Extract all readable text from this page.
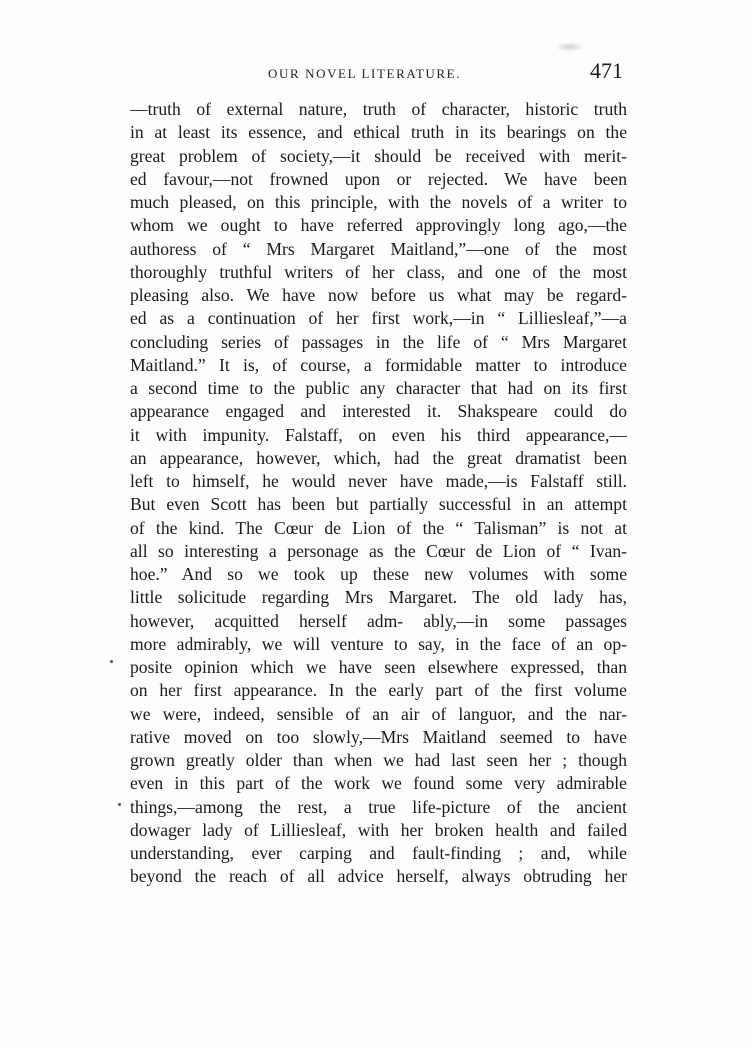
OUR NOVEL LITERATURE.	471
—truth of external nature, truth of character, historic truth
in at least its essence, and ethical truth in its bearings on the
great problem of society,—it should be received with merit-
ed favour,—not frowned upon or rejected. We have been
much pleased, on this principle, with the novels of a writer to
whom we ought to have referred approvingly long ago,—the
authoress of “ Mrs Margaret Maitland,”—one of the most
thoroughly truthful writers of her class, and one of the most
pleasing also. We have now before us what may be regard-
ed as a continuation of her first work,—in “ Lilliesleaf,”—a
concluding series of passages in the life of “ Mrs Margaret
Maitland.” It is, of course, a formidable matter to introduce
a second time to the public any character that had on its first
appearance engaged and interested it. Shakspeare could do
it with impunity. Falstaff, on even his third appearance,—
an appearance, however, which, had the great dramatist been
left to himself, he would never have made,—is Falstaff still.
But even Scott has been but partially successful in an attempt
of the kind. The Cœur de Lion of the “ Talisman” is not at
all so interesting a personage as the Cœur de Lion of “ Ivan-
hoe.” And so we took up these new volumes with some
little solicitude regarding Mrs Margaret. The old lady has,
however, acquitted herself adm‑ ably,—in some passages
more admirably, we will venture to say, in the face of an op-
posite opinion which we have seen elsewhere expressed, than
on her first appearance. In the early part of the first volume
we were, indeed, sensible of an air of languor, and the nar-
rative moved on too slowly,—Mrs Maitland seemed to have
grown greatly older than when we had last seen her ; though
even in this part of the work we found some very admirable
things,—among the rest, a true life-picture of the ancient
dowager lady of Lilliesleaf, with her broken health and failed
understanding, ever carping and fault-finding ; and, while
beyond the reach of all advice herself, always obtruding her
